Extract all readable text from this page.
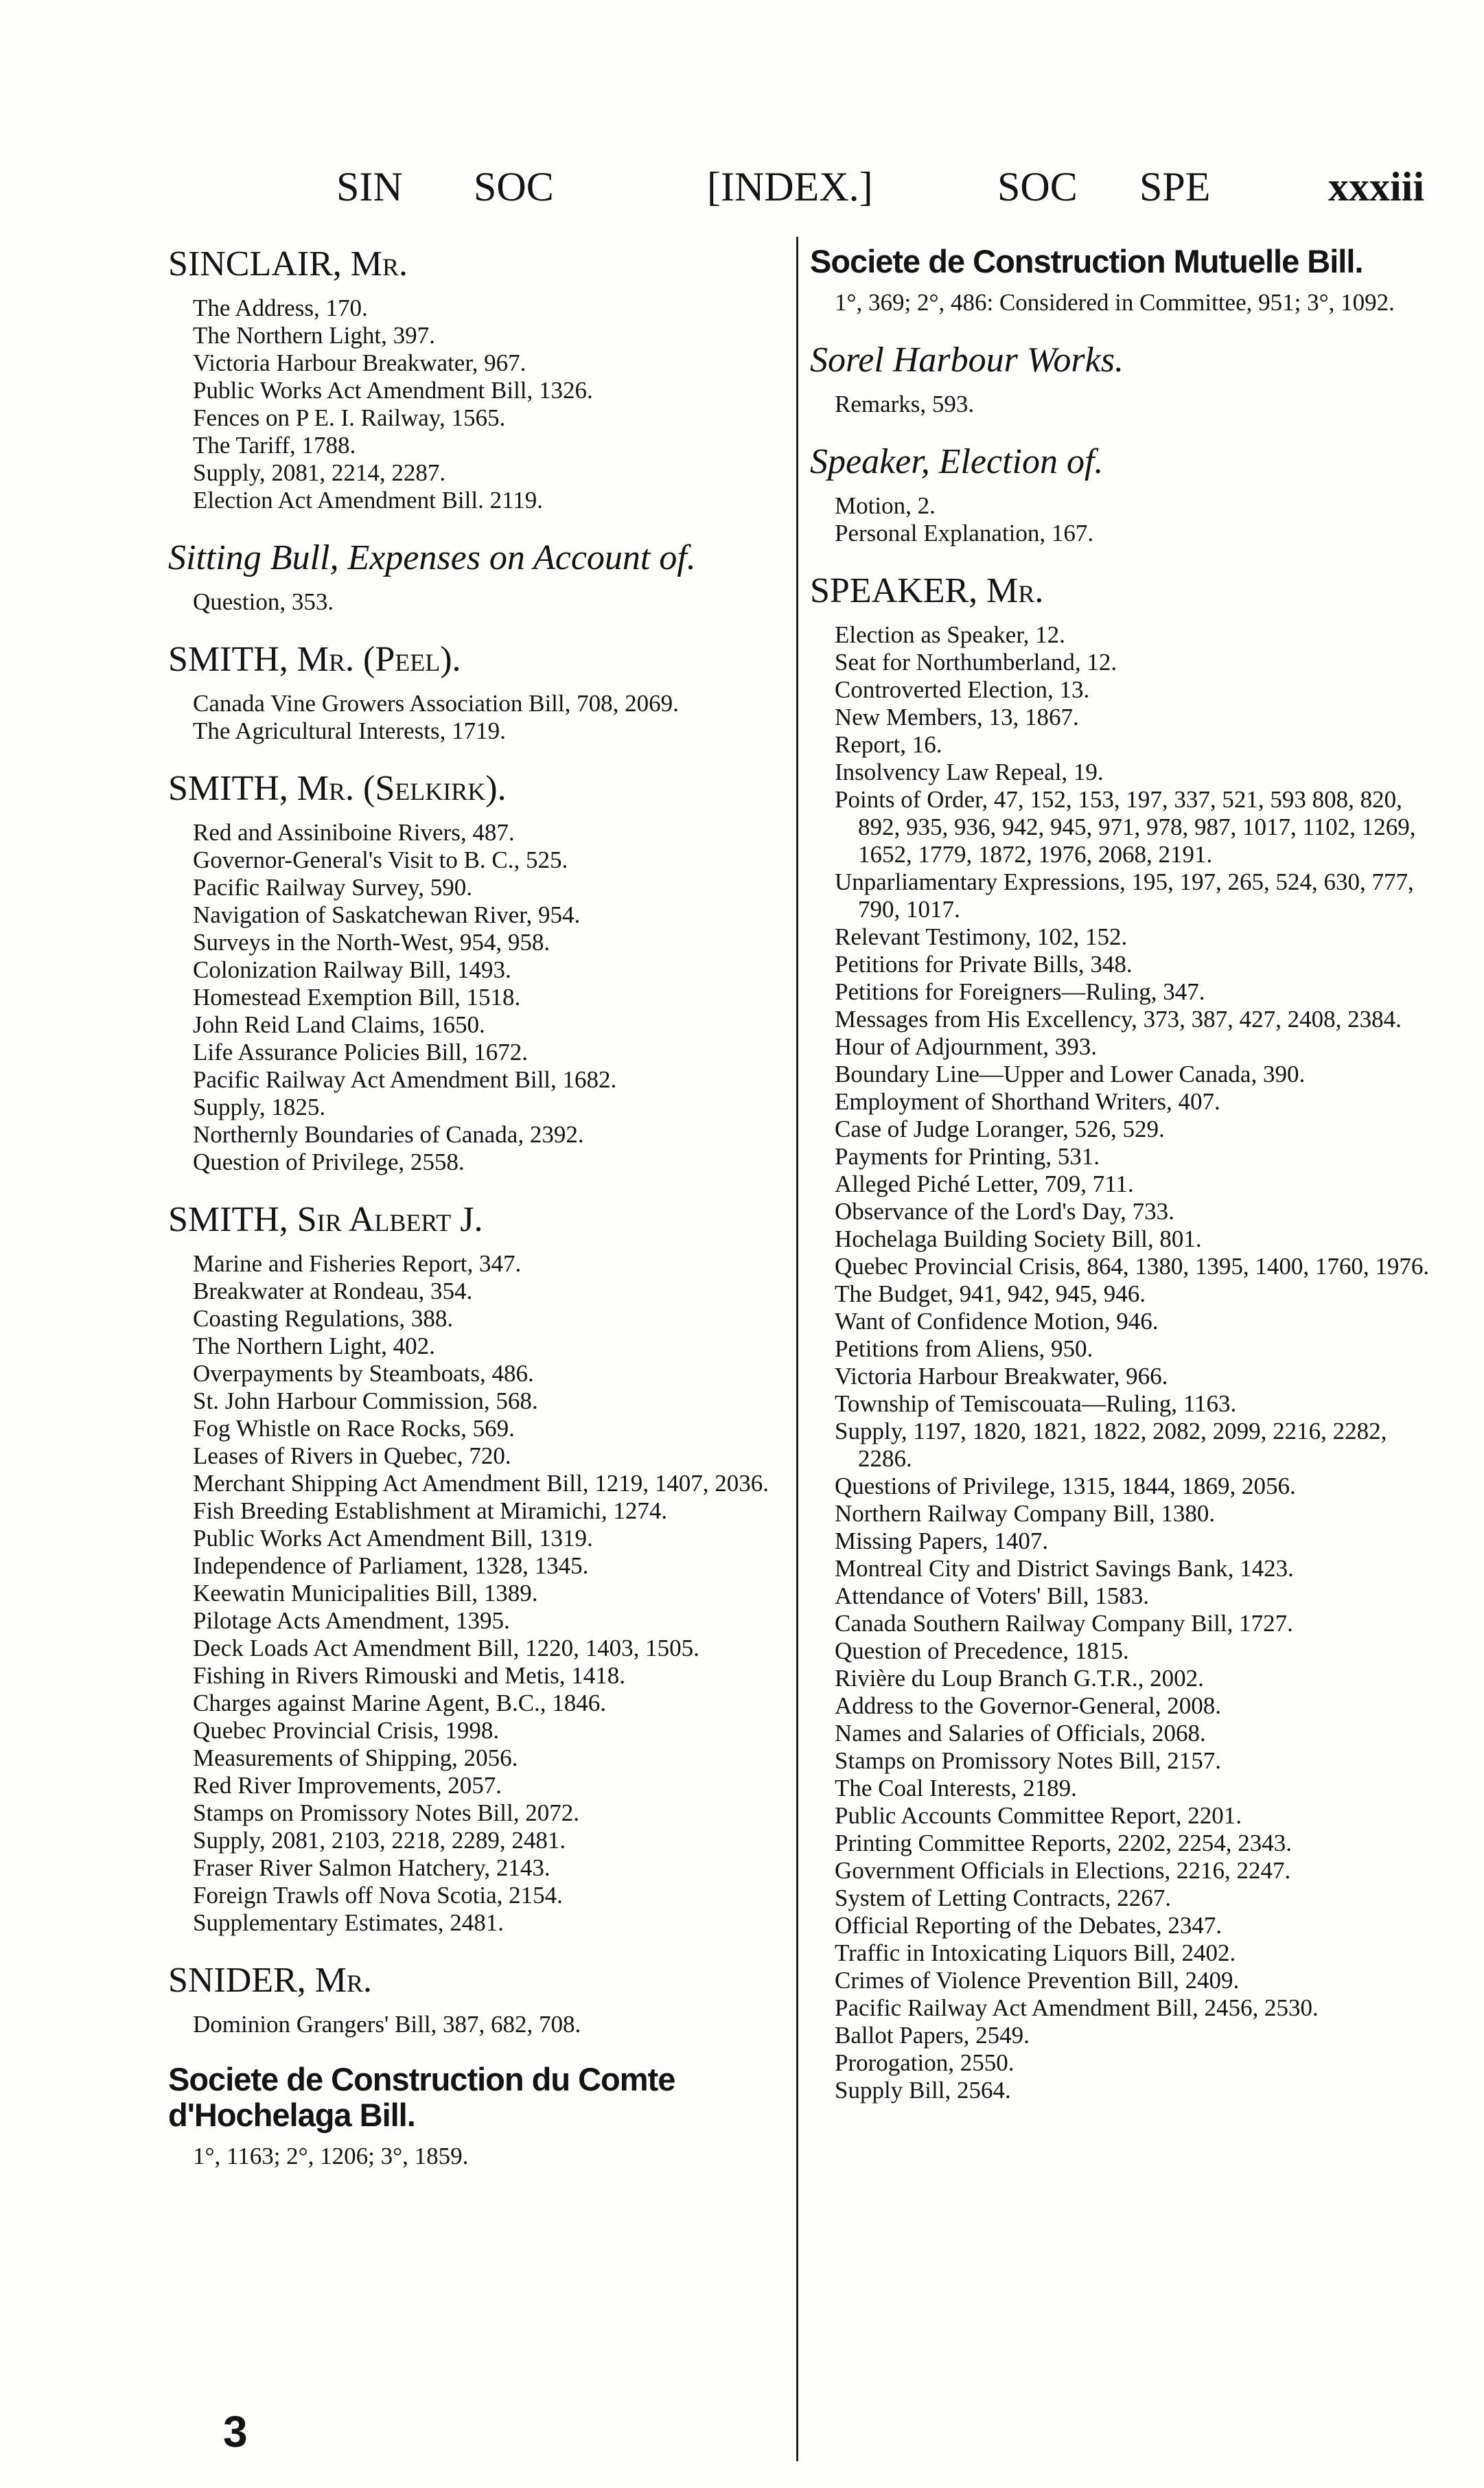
SIN SOC	[INDEX.]	SOC SPE	xxxiii
SINCLAIR, Mr.
The Address, 170.
The Northern Light, 397.
Victoria Harbour Breakwater, 967.
Public Works Act Amendment Bill, 1326.
Fences on P E. I. Railway, 1565.
The Tariff, 1788.
Supply, 2081, 2214, 2287.
Election Act Amendment Bill. 2119.
Sitting Bull, Expenses on Account of.
Question, 353.
SMITH, Mr. (Peel).
Canada Vine Growers Association Bill, 708, 2069.
The Agricultural Interests, 1719.
SMITH, Mr. (Selkirk).
Red and Assiniboine Rivers, 487.
Governor-General's Visit to B. C., 525.
Pacific Railway Survey, 590.
Navigation of Saskatchewan River, 954.
Surveys in the North-West, 954, 958.
Colonization Railway Bill, 1493.
Homestead Exemption Bill, 1518.
John Reid Land Claims, 1650.
Life Assurance Policies Bill, 1672.
Pacific Railway Act Amendment Bill, 1682.
Supply, 1825.
Northernly Boundaries of Canada, 2392.
Question of Privilege, 2558.
SMITH, Sir Albert J.
Marine and Fisheries Report, 347.
Breakwater at Rondeau, 354.
Coasting Regulations, 388.
The Northern Light, 402.
Overpayments by Steamboats, 486.
St. John Harbour Commission, 568.
Fog Whistle on Race Rocks, 569.
Leases of Rivers in Quebec, 720.
Merchant Shipping Act Amendment Bill, 1219, 1407, 2036.
Fish Breeding Establishment at Miramichi, 1274.
Public Works Act Amendment Bill, 1319.
Independence of Parliament, 1328, 1345.
Keewatin Municipalities Bill, 1389.
Pilotage Acts Amendment, 1395.
Deck Loads Act Amendment Bill, 1220, 1403, 1505.
Fishing in Rivers Rimouski and Metis, 1418.
Charges against Marine Agent, B.C., 1846.
Quebec Provincial Crisis, 1998.
Measurements of Shipping, 2056.
Red River Improvements, 2057.
Stamps on Promissory Notes Bill, 2072.
Supply, 2081, 2103, 2218, 2289, 2481.
Fraser River Salmon Hatchery, 2143.
Foreign Trawls off Nova Scotia, 2154.
Supplementary Estimates, 2481.
SNIDER, Mr.
Dominion Grangers' Bill, 387, 682, 708.
Societe de Construction du Comte d'Hochelaga Bill.
1°, 1163; 2°, 1206; 3°, 1859.
Societe de Construction Mutuelle Bill.
1°, 369; 2°, 486: Considered in Committee, 951; 3°, 1092.
Sorel Harbour Works.
Remarks, 593.
Speaker, Election of.
Motion, 2.
Personal Explanation, 167.
SPEAKER, Mr.
Election as Speaker, 12.
Seat for Northumberland, 12.
Controverted Election, 13.
New Members, 13, 1867.
Report, 16.
Insolvency Law Repeal, 19.
Points of Order, 47, 152, 153, 197, 337, 521, 593 808, 820, 892, 935, 936, 942, 945, 971, 978, 987, 1017, 1102, 1269, 1652, 1779, 1872, 1976, 2068, 2191.
Unparliamentary Expressions, 195, 197, 265, 524, 630, 777, 790, 1017.
Relevant Testimony, 102, 152.
Petitions for Private Bills, 348.
Petitions for Foreigners—Ruling, 347.
Messages from His Excellency, 373, 387, 427, 2408, 2384.
Hour of Adjournment, 393.
Boundary Line—Upper and Lower Canada, 390.
Employment of Shorthand Writers, 407.
Case of Judge Loranger, 526, 529.
Payments for Printing, 531.
Alleged Piché Letter, 709, 711.
Observance of the Lord's Day, 733.
Hochelaga Building Society Bill, 801.
Quebec Provincial Crisis, 864, 1380, 1395, 1400, 1760, 1976.
The Budget, 941, 942, 945, 946.
Want of Confidence Motion, 946.
Petitions from Aliens, 950.
Victoria Harbour Breakwater, 966.
Township of Temiscouata—Ruling, 1163.
Supply, 1197, 1820, 1821, 1822, 2082, 2099, 2216, 2282, 2286.
Questions of Privilege, 1315, 1844, 1869, 2056.
Northern Railway Company Bill, 1380.
Missing Papers, 1407.
Montreal City and District Savings Bank, 1423.
Attendance of Voters' Bill, 1583.
Canada Southern Railway Company Bill, 1727.
Question of Precedence, 1815.
Rivière du Loup Branch G.T.R., 2002.
Address to the Governor-General, 2008.
Names and Salaries of Officials, 2068.
Stamps on Promissory Notes Bill, 2157.
The Coal Interests, 2189.
Public Accounts Committee Report, 2201.
Printing Committee Reports, 2202, 2254, 2343.
Government Officials in Elections, 2216, 2247.
System of Letting Contracts, 2267.
Official Reporting of the Debates, 2347.
Traffic in Intoxicating Liquors Bill, 2402.
Crimes of Violence Prevention Bill, 2409.
Pacific Railway Act Amendment Bill, 2456, 2530.
Ballot Papers, 2549.
Prorogation, 2550.
Supply Bill, 2564.
3
